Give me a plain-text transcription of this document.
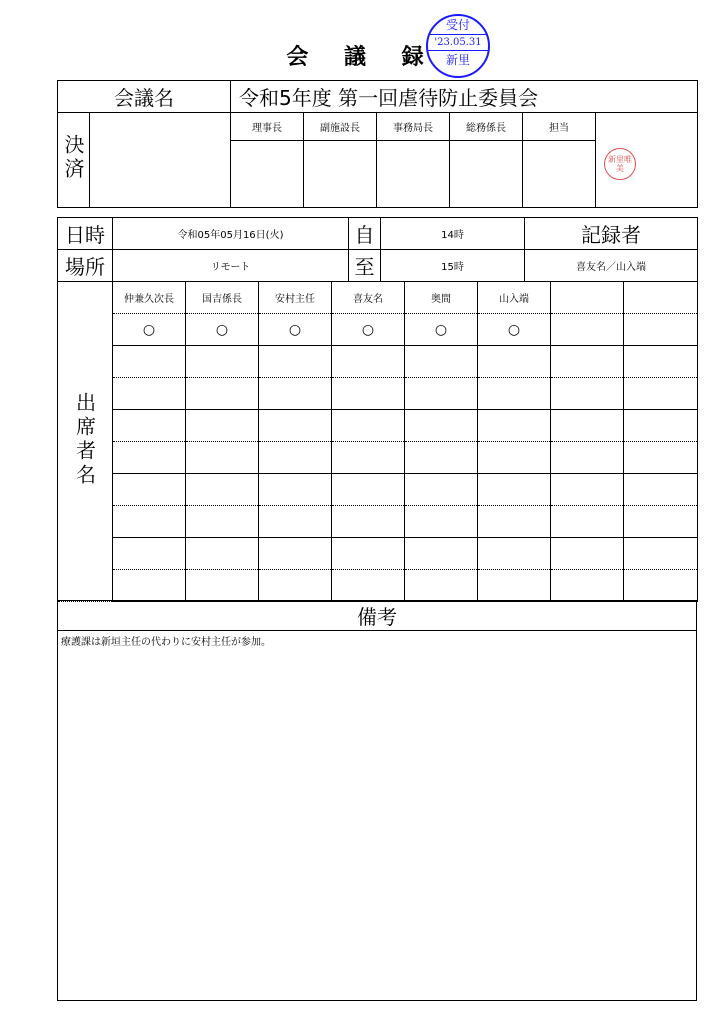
会 議 録
受付
'23.05.31
新里
会議名		令和5年度 第一回虐待防止委員会					
決済		理事長	副施設長	事務局長	総務係長	担当	新里唯美

日時	令和05年05月16日(火)	自	14時	記録者
場所	リモート	至	15時	喜友名／山入端
出席者名	仲兼久次長	国吉係長	安村主任	喜友名	奥間	山入端		
	○	○	○	○	○	○		

備考
療護課は新垣主任の代わりに安村主任が参加。
